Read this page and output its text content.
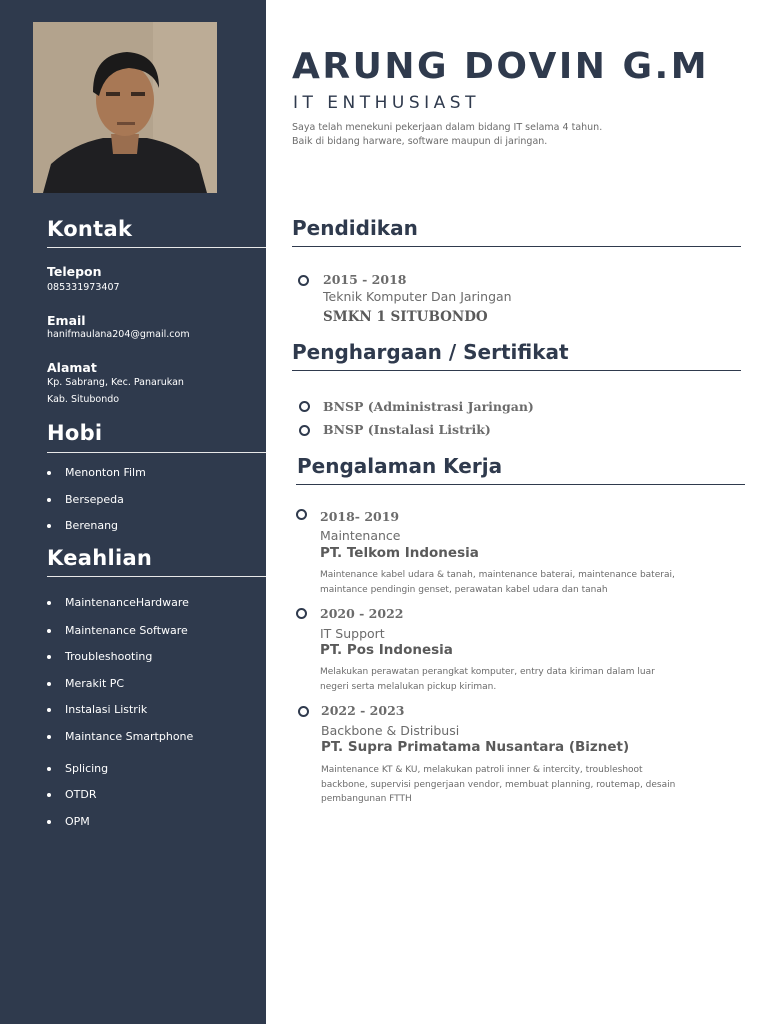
Kontak

Telepon

085331973407

Email

hanifmaulana204@gmail.com

Alamat

Kp. Sabrang, Kec. Panarukan

Kab. Situbondo

Hobi
Menonton Film
Bersepeda
Berenang
Keahlian
MaintenanceHardware
Maintenance Software
Troubleshooting
Merakit PC
Instalasi Listrik
Maintance Smartphone
Splicing
OTDR
OPM
ARUNG DOVIN G.M

IT ENTHUSIAST

Saya telah menekuni pekerjaan dalam bidang IT selama 4 tahun.
Baik di bidang harware, software maupun di jaringan.

Pendidikan

2015 - 2018

Teknik Komputer Dan Jaringan

SMKN 1 SITUBONDO

Penghargaan / Sertifikat

BNSP (Administrasi Jaringan)

BNSP (Instalasi Listrik)

Pengalaman Kerja

2018- 2019

Maintenance

PT. Telkom Indonesia

Maintenance kabel udara & tanah, maintenance baterai, maintenance baterai,
maintance pendingin genset, perawatan kabel udara dan tanah

2020 - 2022

IT Support

PT. Pos Indonesia

Melakukan perawatan perangkat komputer, entry data kiriman dalam luar
negeri serta melalukan pickup kiriman.

2022 - 2023

Backbone & Distribusi

PT. Supra Primatama Nusantara (Biznet)

Maintenance KT & KU, melakukan patroli inner & intercity, troubleshoot
backbone, supervisi pengerjaan vendor, membuat planning, routemap, desain
pembangunan FTTH
